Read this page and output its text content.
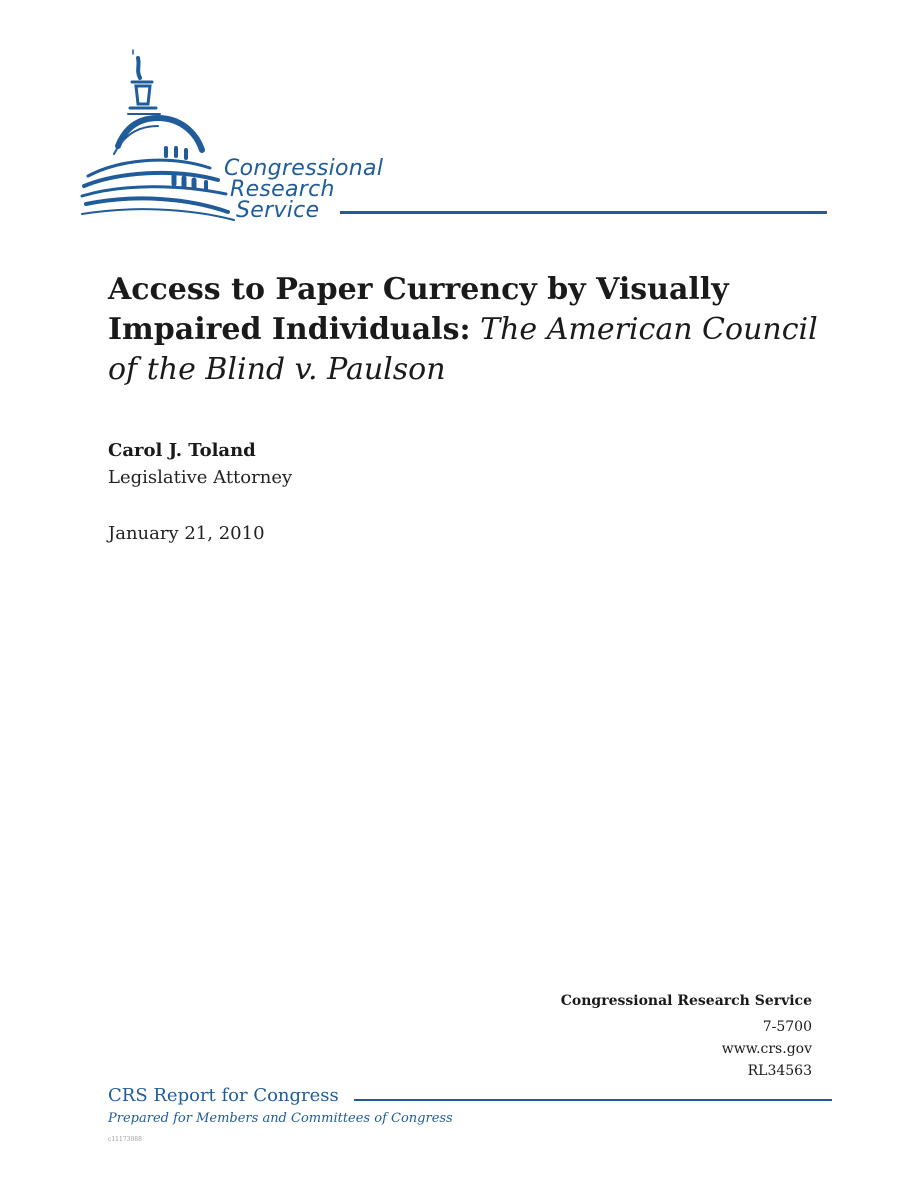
Congressional
Research
Service
Access to Paper Currency by Visually Impaired Individuals: The American Council of the Blind v. Paulson
Carol J. Toland
Legislative Attorney
January 21, 2010
Congressional Research Service
7-5700
www.crs.gov
RL34563
CRS Report for Congress
Prepared for Members and Committees of Congress
c11173088
